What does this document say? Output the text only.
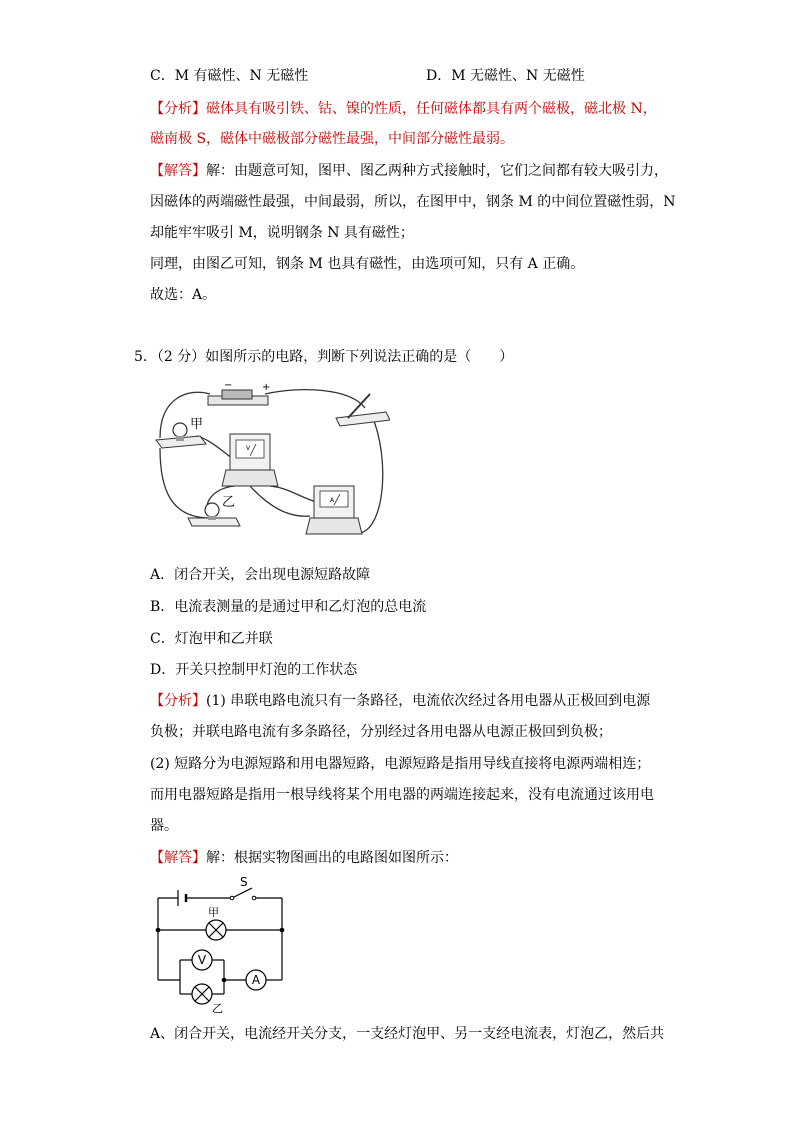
C．M 有磁性、N 无磁性	D．M 无磁性、N 无磁性
【分析】磁体具有吸引铁、钴、镍的性质，任何磁体都具有两个磁极，磁北极 N，
磁南极 S，磁体中磁极部分磁性最强，中间部分磁性最弱。
【解答】解：由题意可知，图甲、图乙两种方式接触时，它们之间都有较大吸引力，
因磁体的两端磁性最强，中间最弱，所以，在图甲中，钢条 M 的中间位置磁性弱，N
却能牢牢吸引 M，说明钢条 N 具有磁性；
同理，由图乙可知，钢条 M 也具有磁性，由选项可知，只有 A 正确。
故选：A。
5．（2 分）如图所示的电路，判断下列说法正确的是（　　）
−	+
甲
V
乙	A
A．闭合开关，会出现电源短路故障
B．电流表测量的是通过甲和乙灯泡的总电流
C．灯泡甲和乙并联
D．开关只控制甲灯泡的工作状态
【分析】(1) 串联电路电流只有一条路径，电流依次经过各用电器从正极回到电源
负极；并联电路电流有多条路径，分别经过各用电器从电源正极回到负极；
(2) 短路分为电源短路和用电器短路，电源短路是指用导线直接将电源两端相连；
而用电器短路是指用一根导线将某个用电器的两端连接起来，没有电流通过该用电
器。
【解答】解：根据实物图画出的电路图如图所示：
S
甲
V
乙
A
A、闭合开关，电流经开关分支，一支经灯泡甲、另一支经电流表，灯泡乙，然后共
